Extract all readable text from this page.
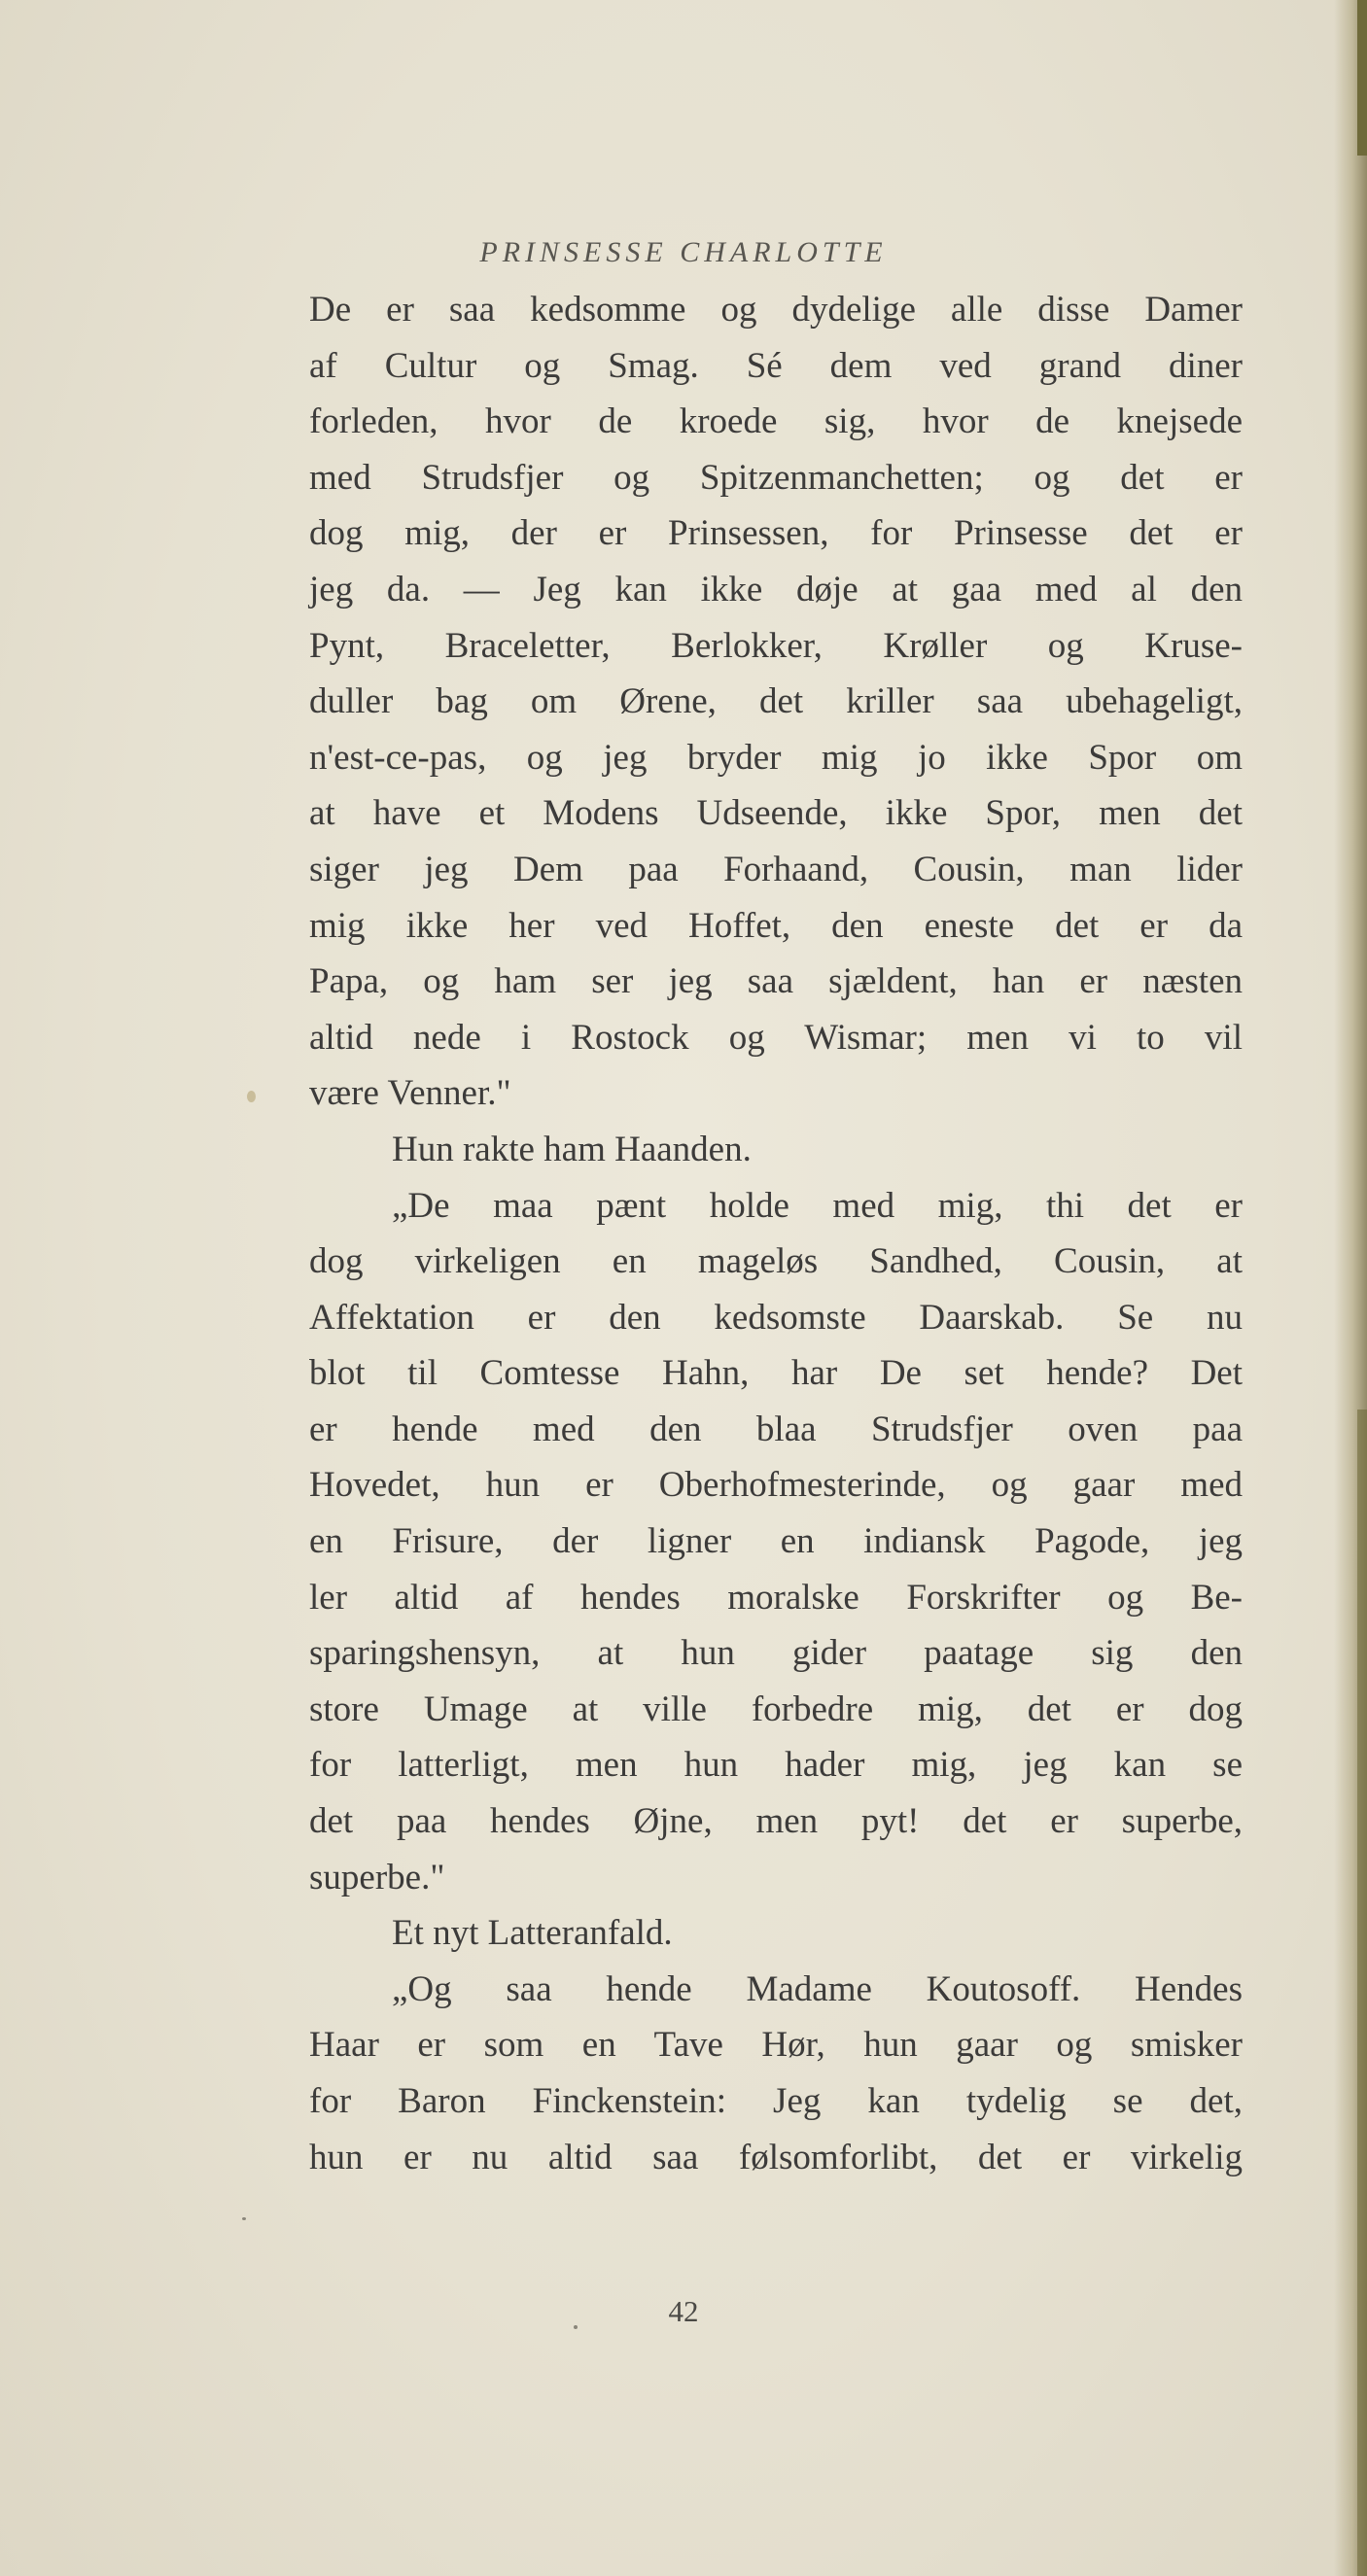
PRINSESSE CHARLOTTE
De er saa kedsomme og dydelige alle disse Damer
af Cultur og Smag. Sé dem ved grand diner
forleden, hvor de kroede sig, hvor de knejsede
med Strudsfjer og Spitzenmanchetten; og det er
dog mig, der er Prinsessen, for Prinsesse det er
jeg da. — Jeg kan ikke døje at gaa med al den
Pynt, Braceletter, Berlokker, Krøller og Kruse-
duller bag om Ørene, det kriller saa ubehageligt,
n'est-ce-pas, og jeg bryder mig jo ikke Spor om
at have et Modens Udseende, ikke Spor, men det
siger jeg Dem paa Forhaand, Cousin, man lider
mig ikke her ved Hoffet, den eneste det er da
Papa, og ham ser jeg saa sjældent, han er næsten
altid nede i Rostock og Wismar; men vi to vil
være Venner."
Hun rakte ham Haanden.
„De maa pænt holde med mig, thi det er
dog virkeligen en mageløs Sandhed, Cousin, at
Affektation er den kedsomste Daarskab. Se nu
blot til Comtesse Hahn, har De set hende? Det
er hende med den blaa Strudsfjer oven paa
Hovedet, hun er Oberhofmesterinde, og gaar med
en Frisure, der ligner en indiansk Pagode, jeg
ler altid af hendes moralske Forskrifter og Be-
sparingshensyn, at hun gider paatage sig den
store Umage at ville forbedre mig, det er dog
for latterligt, men hun hader mig, jeg kan se
det paa hendes Øjne, men pyt! det er superbe,
superbe."
Et nyt Latteranfald.
„Og saa hende Madame Koutosoff. Hendes
Haar er som en Tave Hør, hun gaar og smisker
for Baron Finckenstein: Jeg kan tydelig se det,
hun er nu altid saa følsomforlibt, det er virkelig
42
